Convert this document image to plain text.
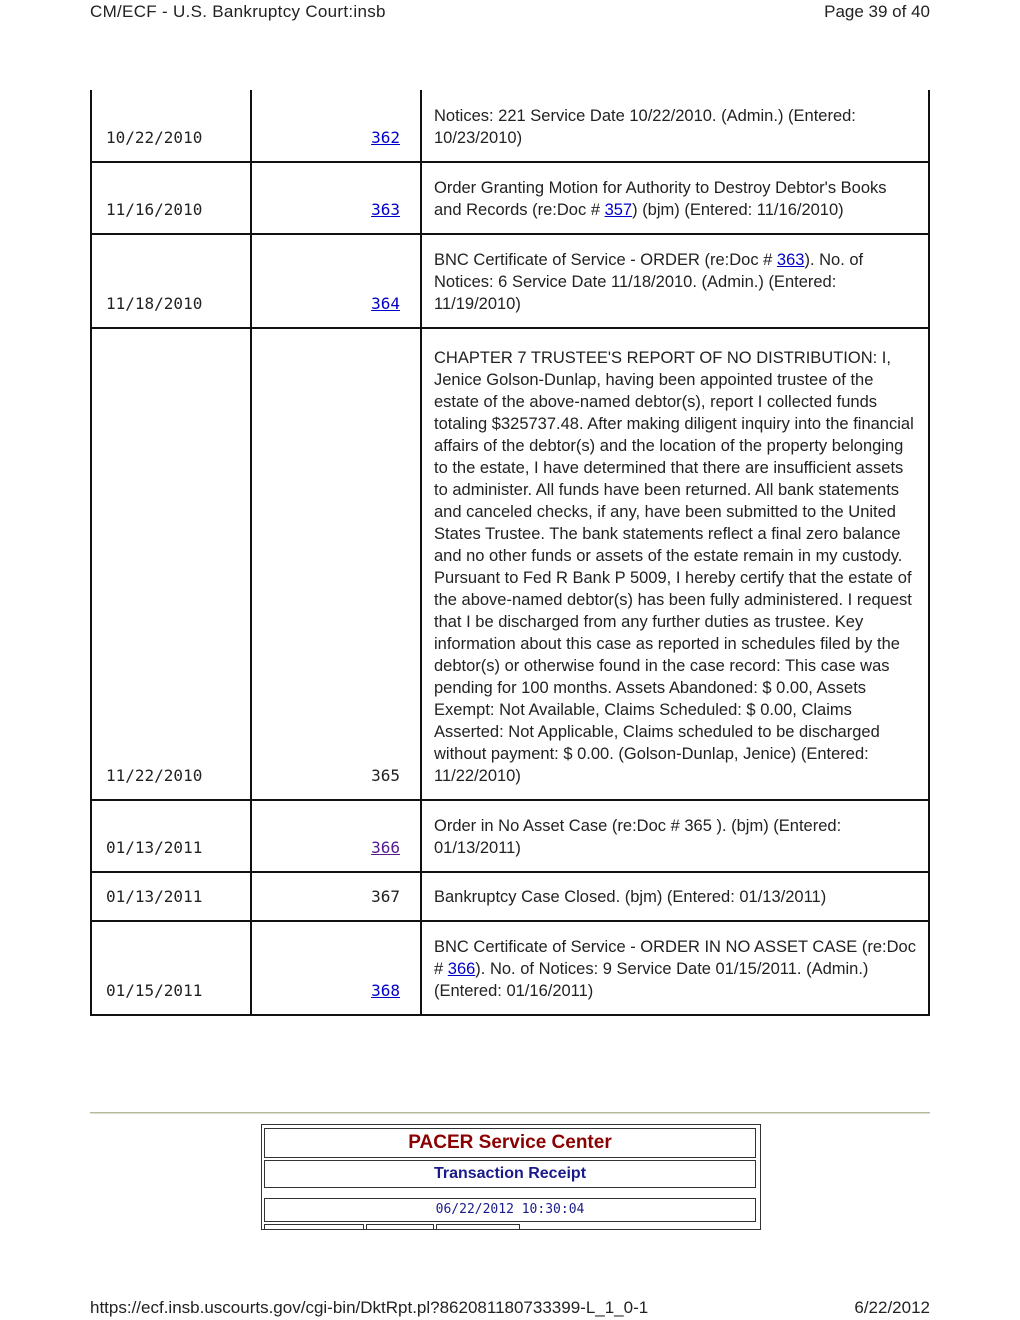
CM/ECF - U.S. Bankruptcy Court:insb	Page 39 of 40
10/22/2010	362	Notices: 221 Service Date 10/22/2010. (Admin.) (Entered: 10/23/2010)
11/16/2010	363	Order Granting Motion for Authority to Destroy Debtor's Books and Records (re:Doc # 357) (bjm) (Entered: 11/16/2010)
11/18/2010	364	BNC Certificate of Service - ORDER (re:Doc # 363). No. of Notices: 6 Service Date 11/18/2010. (Admin.) (Entered: 11/19/2010)
11/22/2010	365	CHAPTER 7 TRUSTEE'S REPORT OF NO DISTRIBUTION: I, Jenice Golson-Dunlap, having been appointed trustee of the estate of the above-named debtor(s), report I collected funds totaling $325737.48. After making diligent inquiry into the financial affairs of the debtor(s) and the location of the property belonging to the estate, I have determined that there are insufficient assets to administer. All funds have been returned. All bank statements and canceled checks, if any, have been submitted to the United States Trustee. The bank statements reflect a final zero balance and no other funds or assets of the estate remain in my custody. Pursuant to Fed R Bank P 5009, I hereby certify that the estate of the above-named debtor(s) has been fully administered. I request that I be discharged from any further duties as trustee. Key information about this case as reported in schedules filed by the debtor(s) or otherwise found in the case record: This case was pending for 100 months. Assets Abandoned: $ 0.00, Assets Exempt: Not Available, Claims Scheduled: $ 0.00, Claims Asserted: Not Applicable, Claims scheduled to be discharged without payment: $ 0.00. (Golson-Dunlap, Jenice) (Entered: 11/22/2010)
01/13/2011	366	Order in No Asset Case (re:Doc # 365 ). (bjm) (Entered: 01/13/2011)
01/13/2011	367	Bankruptcy Case Closed. (bjm) (Entered: 01/13/2011)
01/15/2011	368	BNC Certificate of Service - ORDER IN NO ASSET CASE (re:Doc # 366). No. of Notices: 9 Service Date 01/15/2011. (Admin.) (Entered: 01/16/2011)
PACER Service Center
Transaction Receipt
06/22/2012 10:30:04
https://ecf.insb.uscourts.gov/cgi-bin/DktRpt.pl?862081180733399-L_1_0-1	6/22/2012
